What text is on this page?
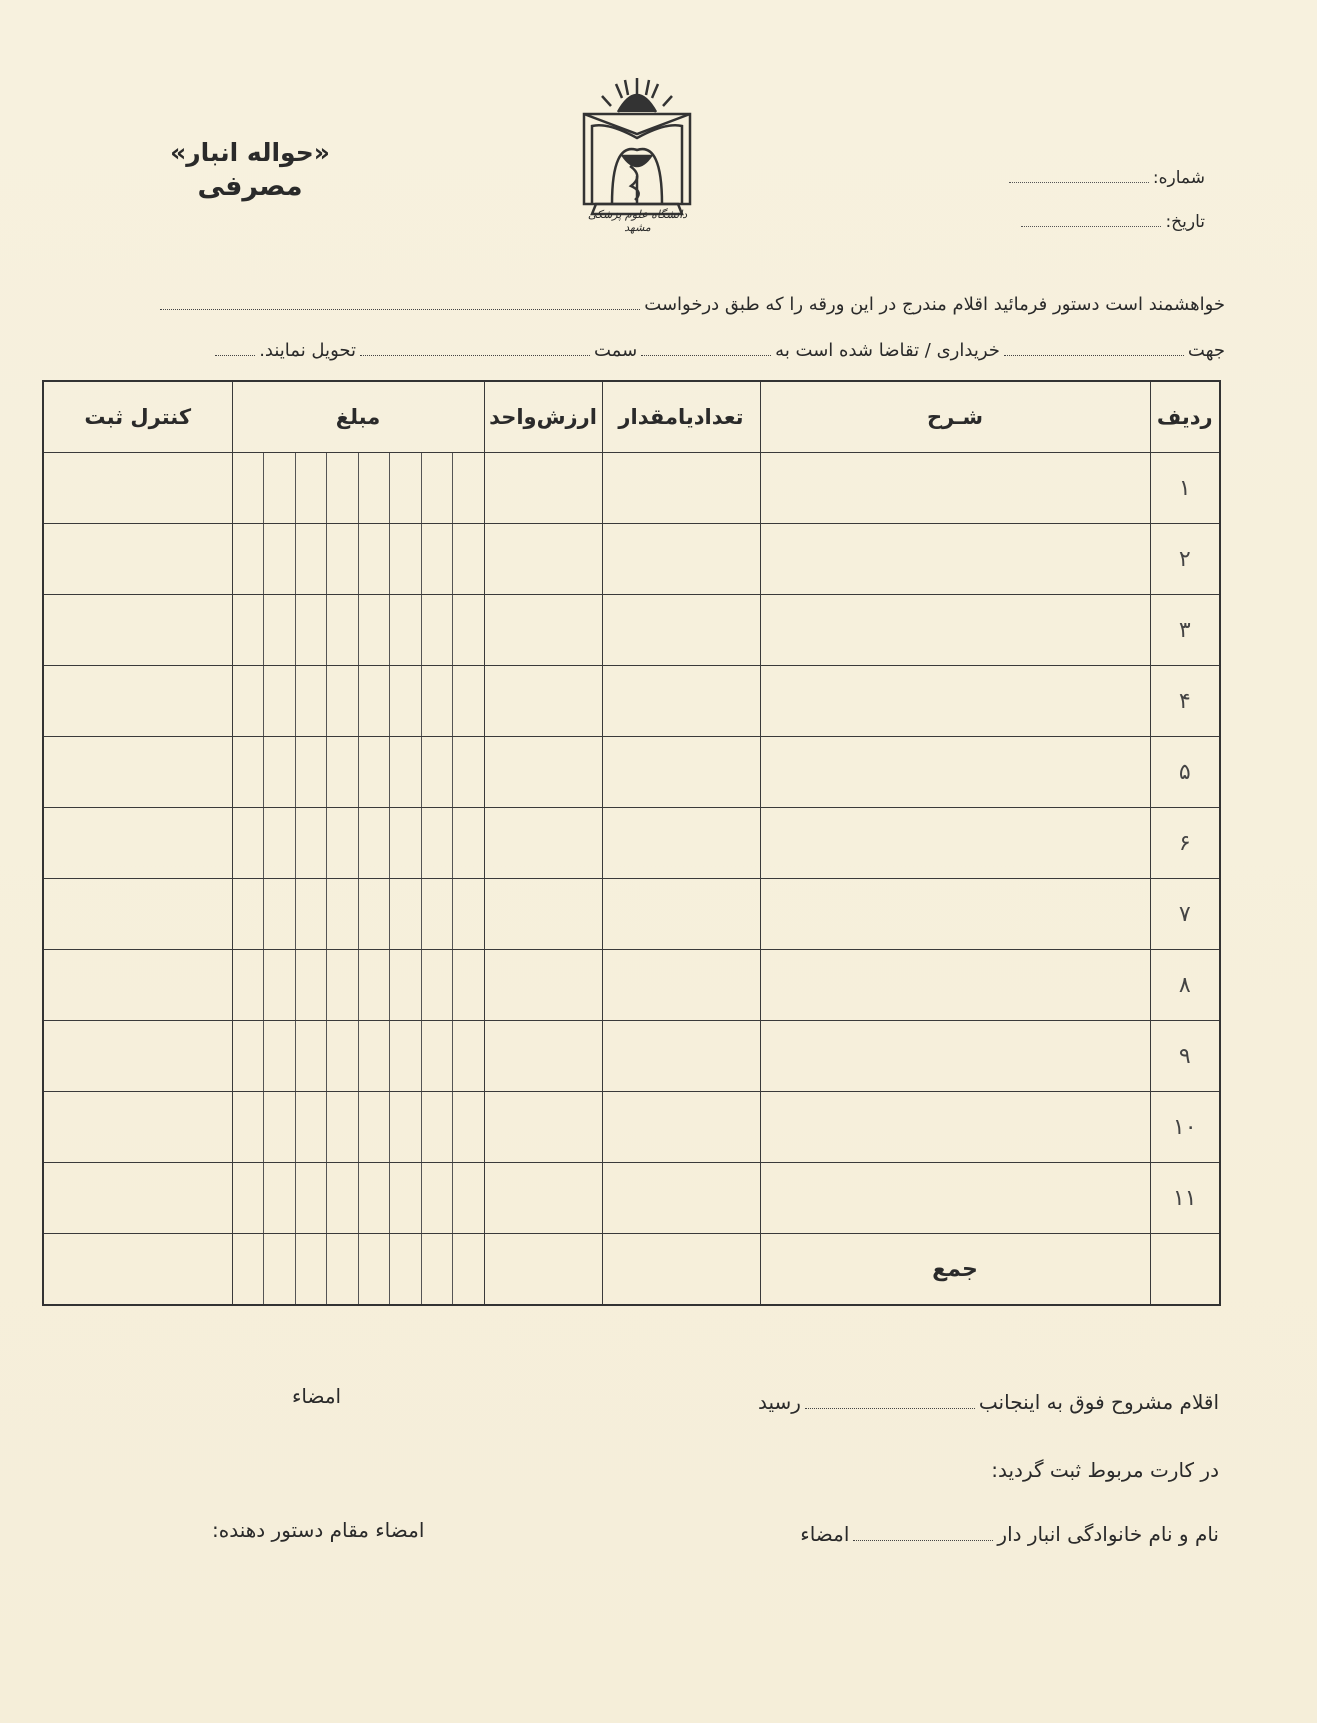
«حواله انبار»
مصرفی
دانشگاه علوم پزشکی مشهد
شماره:
تاریخ:
خواهشمند است دستور فرمائید اقلام مندرج در این ورقه را که طبق درخواست
جهتخریداری / تقاضا شده است بهسمتتحویل نمایند.
ردیف	شـرح	تعدادیامقدار	ارزش‌واحد	مبلغ	کنترل ثبت
۱				

۲				

۳				

۴				

۵				

۶				

۷				

۸				

۹				

۱۰				

۱۱				

	جمع			

اقلام مشروح فوق به اینجانبرسید
امضاء
در کارت مربوط ثبت گردید:
نام و نام خانوادگی انبار دارامضاء
امضاء مقام دستور دهنده:
